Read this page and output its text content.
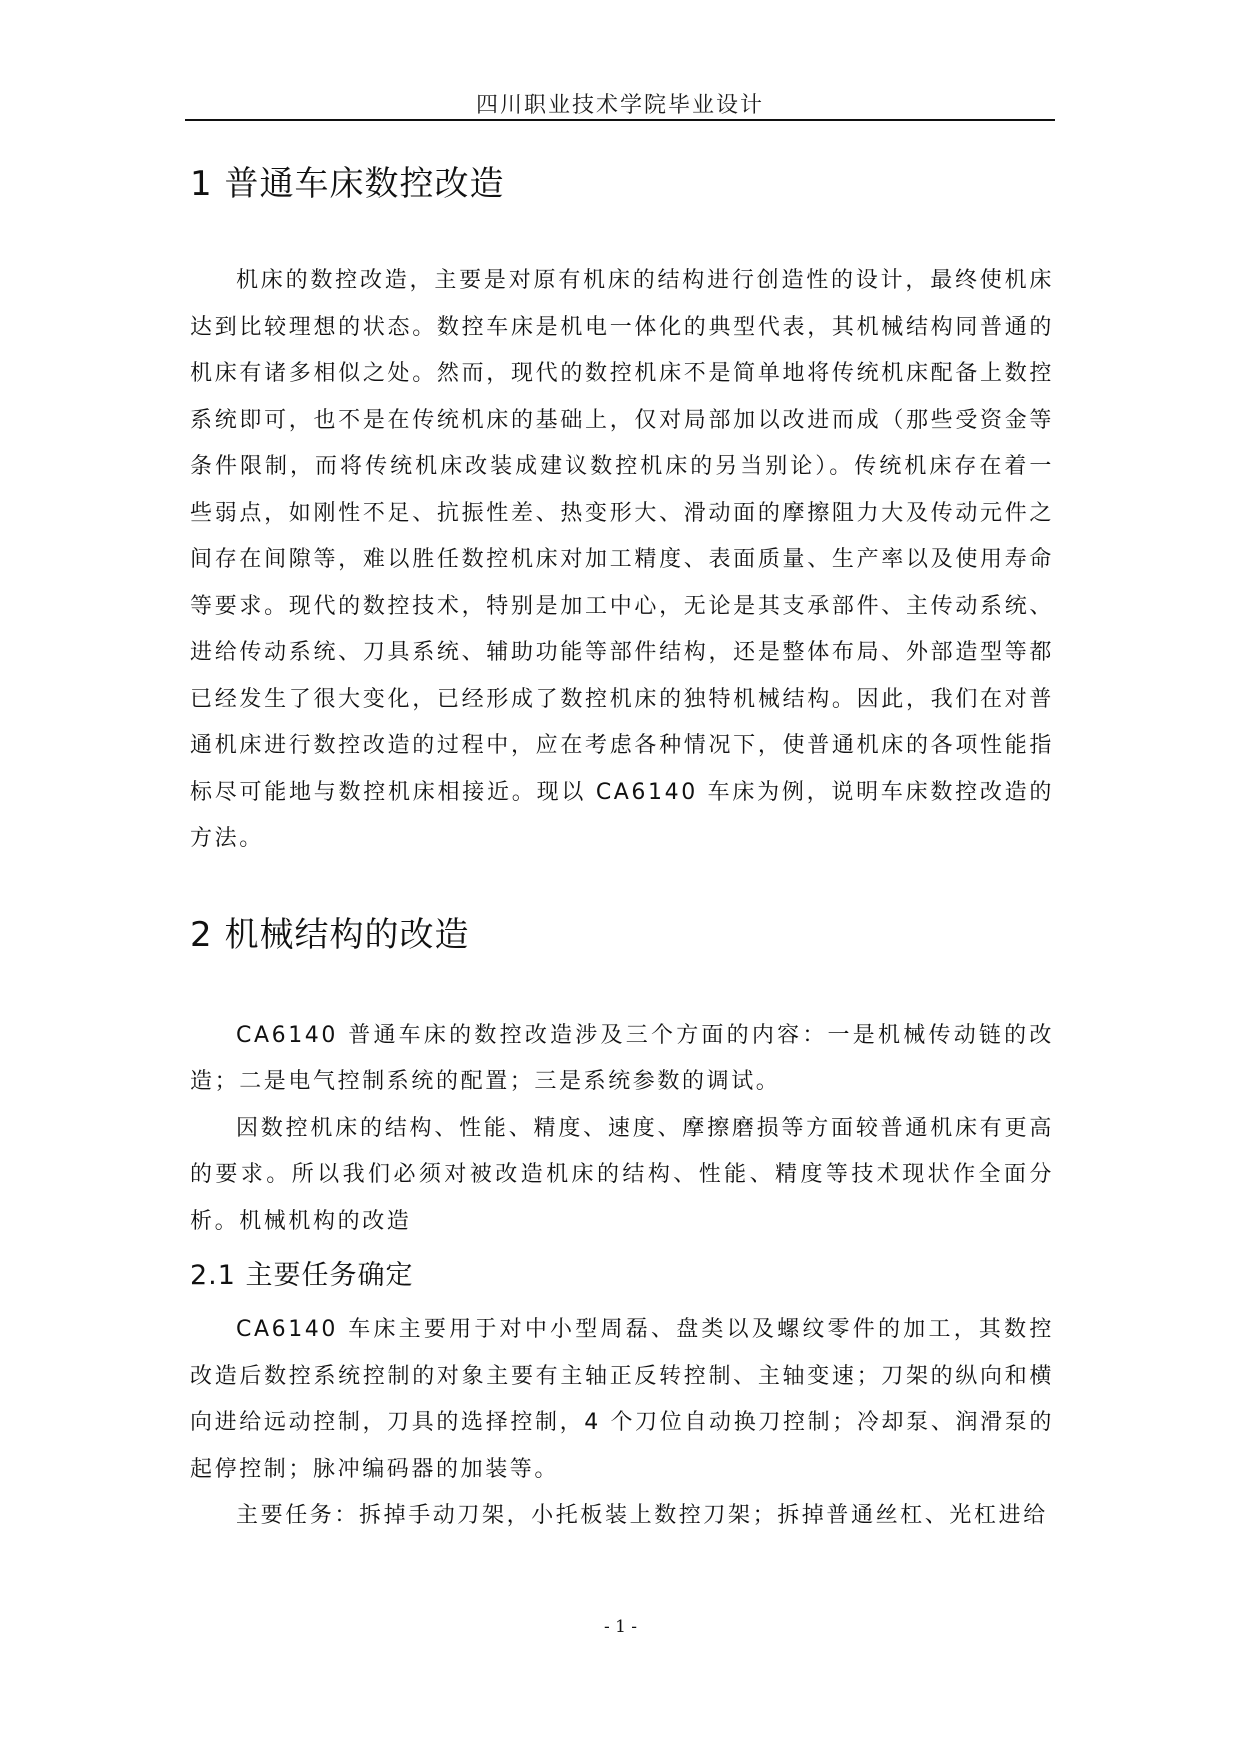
四川职业技术学院毕业设计
1 普通车床数控改造

机床的数控改造，主要是对原有机床的结构进行创造性的设计，最终使机床达到比较理想的状态。数控车床是机电一体化的典型代表，其机械结构同普通的机床有诸多相似之处。然而，现代的数控机床不是简单地将传统机床配备上数控系统即可，也不是在传统机床的基础上，仅对局部加以改进而成（那些受资金等条件限制，而将传统机床改装成建议数控机床的另当别论）。传统机床存在着一些弱点，如刚性不足、抗振性差、热变形大、滑动面的摩擦阻力大及传动元件之间存在间隙等，难以胜任数控机床对加工精度、表面质量、生产率以及使用寿命等要求。现代的数控技术，特别是加工中心，无论是其支承部件、主传动系统、进给传动系统、刀具系统、辅助功能等部件结构，还是整体布局、外部造型等都已经发生了很大变化，已经形成了数控机床的独特机械结构。因此，我们在对普通机床进行数控改造的过程中，应在考虑各种情况下，使普通机床的各项性能指标尽可能地与数控机床相接近。现以 CA6140 车床为例，说明车床数控改造的方法。

2 机械结构的改造

CA6140 普通车床的数控改造涉及三个方面的内容：一是机械传动链的改造；二是电气控制系统的配置；三是系统参数的调试。

因数控机床的结构、性能、精度、速度、摩擦磨损等方面较普通机床有更高的要求。所以我们必须对被改造机床的结构、性能、精度等技术现状作全面分析。机械机构的改造

2.1 主要任务确定

CA6140 车床主要用于对中小型周磊、盘类以及螺纹零件的加工，其数控改造后数控系统控制的对象主要有主轴正反转控制、主轴变速；刀架的纵向和横向进给远动控制，刀具的选择控制，4 个刀位自动换刀控制；冷却泵、润滑泵的起停控制；脉冲编码器的加装等。

主要任务：拆掉手动刀架，小托板装上数控刀架；拆掉普通丝杠、光杠进给

- 1 -
